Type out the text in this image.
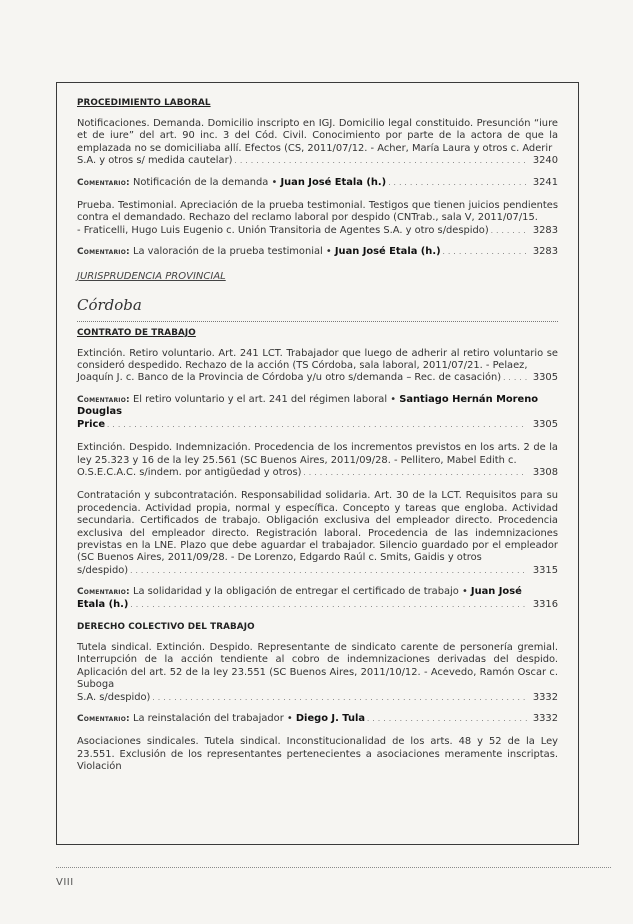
PROCEDIMIENTO LABORAL

Notificaciones. Demanda. Domicilio inscripto en IGJ. Domicilio legal constituido. Presunción “iure et de iure” del art. 90 inc. 3 del Cód. Civil. Conocimiento por parte de la actora de que la emplazada no se domiciliaba allí. Efectos (CS, 2011/07/12. - Acher, María Laura y otros c. Aderir

S.A. y otros s/ medida cautelar) . . .	3240
Comentario: Notificación de la demanda • Juan José Etala (h.) . . .	3241

Prueba. Testimonial. Apreciación de la prueba testimonial. Testigos que tienen juicios pendientes contra el demandado. Rechazo del reclamo laboral por despido (CNTrab., sala V, 2011/07/15.

- Fraticelli, Hugo Luis Eugenio c. Unión Transitoria de Agentes S.A. y otro s/despido) . . .	3283
Comentario: La valoración de la prueba testimonial • Juan José Etala (h.) . . .	3283
JURISPRUDENCIA PROVINCIAL
Córdoba
CONTRATO DE TRABAJO

Extinción. Retiro voluntario. Art. 241 LCT. Trabajador que luego de adherir al retiro voluntario se consideró despedido. Rechazo de la acción (TS Córdoba, sala laboral, 2011/07/21. - Pelaez,

Joaquín J. c. Banco de la Provincia de Córdoba y/u otro s/demanda – Rec. de casación) . . .	3305

Comentario: El retiro voluntario y el art. 241 del régimen laboral • Santiago Hernán Moreno Douglas

Price . . .	3305

Extinción. Despido. Indemnización. Procedencia de los incrementos previstos en los arts. 2 de la ley 25.323 y 16 de la ley 25.561 (SC Buenos Aires, 2011/09/28. - Pellitero, Mabel Edith c.

O.S.E.C.A.C. s/indem. por antigüedad y otros) . . .	3308

Contratación y subcontratación. Responsabilidad solidaria. Art. 30 de la LCT. Requisitos para su procedencia. Actividad propia, normal y específica. Concepto y tareas que engloba. Actividad secundaria. Certificados de trabajo. Obligación exclusiva del empleador directo. Procedencia exclusiva del empleador directo. Registración laboral. Procedencia de las indemnizaciones previstas en la LNE. Plazo que debe aguardar el trabajador. Silencio guardado por el empleador (SC Buenos Aires, 2011/09/28. - De Lorenzo, Edgardo Raúl c. Smits, Gaidis y otros

s/despido) . . .	3315

Comentario: La solidaridad y la obligación de entregar el certificado de trabajo • Juan José

Etala (h.) . . .	3316
DERECHO COLECTIVO DEL TRABAJO

Tutela sindical. Extinción. Despido. Representante de sindicato carente de personería gremial. Interrupción de la acción tendiente al cobro de indemnizaciones derivadas del despido. Aplicación del art. 52 de la ley 23.551 (SC Buenos Aires, 2011/10/12. - Acevedo, Ramón Oscar c. Suboga

S.A. s/despido) . . .	3332
Comentario: La reinstalación del trabajador • Diego J. Tula . . .	3332

Asociaciones sindicales. Tutela sindical. Inconstitucionalidad de los arts. 48 y 52 de la Ley 23.551. Exclusión de los representantes pertenecientes a asociaciones meramente inscriptas. Violación

VIII
